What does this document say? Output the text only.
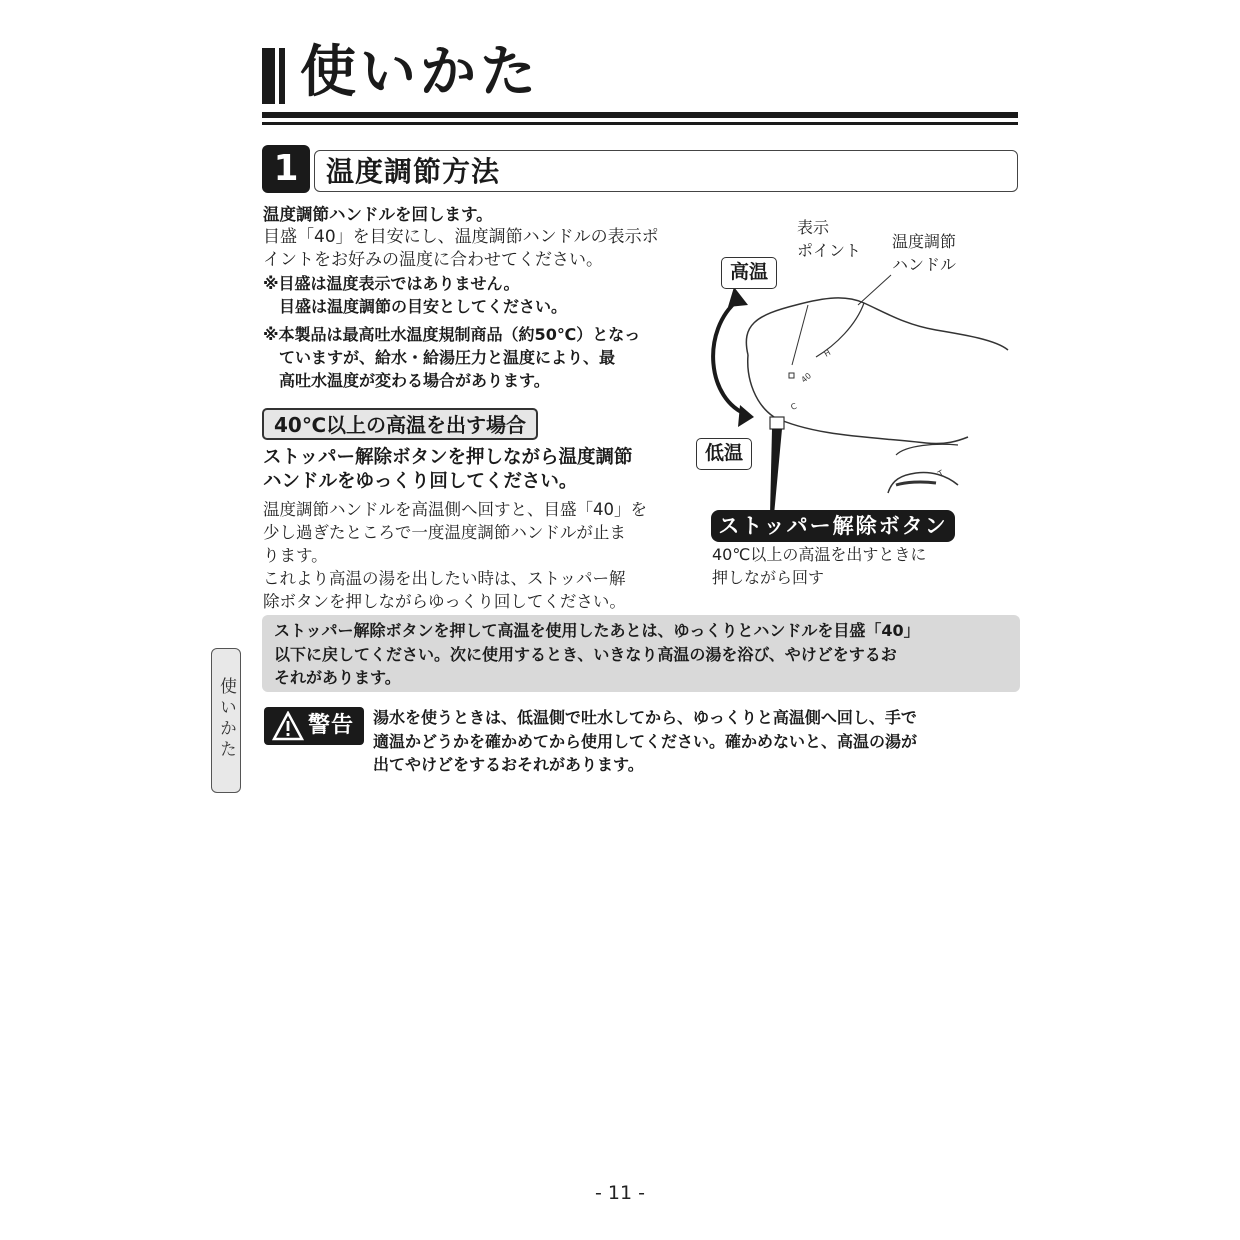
使いかた
1 温度調節方法
温度調節ハンドルを回します。
目盛「40」を目安にし、温度調節ハンドルの表示ポ
イントをお好みの温度に合わせてください。
※目盛は温度表示ではありません。
　目盛は温度調節の目安としてください。
※本製品は最高吐水温度規制商品（約50℃）となっ
　ていますが、給水・給湯圧力と温度により、最
　高吐水温度が変わる場合があります。
40℃以上の高温を出す場合
ストッパー解除ボタンを押しながら温度調節
ハンドルをゆっくり回してください。
温度調節ハンドルを高温側へ回すと、目盛「40」を
少し過ぎたところで一度温度調節ハンドルが止ま
ります。
これより高温の湯を出したい時は、ストッパー解
除ボタンを押しながらゆっくり回してください。
H
40
C
T
表示
ポイント 温度調節
ハンドル
高温
低温
ストッパー解除ボタン
40℃以上の高温を出すときに
押しながら回す
ストッパー解除ボタンを押して高温を使用したあとは、ゆっくりとハンドルを目盛「40」
以下に戻してください。次に使用するとき、いきなり高温の湯を浴び、やけどをするお
それがあります。
警告 湯水を使うときは、低温側で吐水してから、ゆっくりと高温側へ回し、手で
適温かどうかを確かめてから使用してください。確かめないと、高温の湯が
出てやけどをするおそれがあります。
使いかた
- 11 -
